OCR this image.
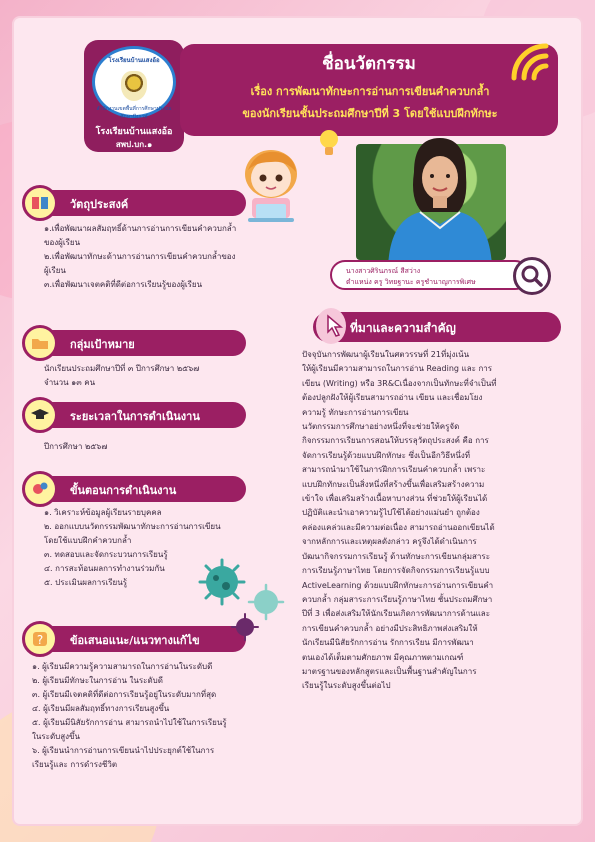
โรงเรียนบ้านแสงอ้อ
สำนักงานเขตพื้นที่การศึกษาประถมศึกษาบึงกาฬ
โรงเรียนบ้านแสงอ้อ
สพป.บก.๑
ชื่อนวัตกรรม
เรื่อง การพัฒนาทักษะการอ่านการเขียนคำควบกล้ำ
ของนักเรียนชั้นประถมศึกษาปีที่ 3 โดยใช้แบบฝึกทักษะ
นางสาวศิรินภรณ์ สีสว่าง
ตำแหน่ง ครู วิทยฐานะ ครูชำนาญการพิเศษ
วัตถุประสงค์
๑.เพื่อพัฒนาผลสัมฤทธิ์ด้านการอ่านการเขียนคำควบกล้ำ
ของผู้เรียน
๒.เพื่อพัฒนาทักษะด้านการอ่านการเขียนคำควบกล้ำของ
ผู้เรียน
๓.เพื่อพัฒนาเจตคติที่ดีต่อการเรียนรู้ของผู้เรียน
กลุ่มเป้าหมาย
นักเรียนประถมศึกษาปีที่ ๓ ปีการศึกษา ๒๕๖๗
จำนวน ๑๓ คน
ระยะเวลาในการดำเนินงาน
ปีการศึกษา ๒๕๖๗
ขั้นตอนการดำเนินงาน
๑. วิเคราะห์ข้อมูลผู้เรียนรายบุคคล
๒. ออกแบบนวัตกรรมพัฒนาทักษะการอ่านการเขียน
โดยใช้แบบฝึกคำควบกล้ำ
๓. ทดสอบและจัดกระบวนการเรียนรู้
๔. การสะท้อนผลการทำงานร่วมกัน
๕. ประเมินผลการเรียนรู้
? ข้อเสนอแนะ/แนวทางแก้ไข
๑. ผู้เรียนมีความรู้ความสามารถในการอ่านในระดับดี
๒. ผู้เรียนมีทักษะในการอ่าน ในระดับดี
๓. ผู้เรียนมีเจตคติที่ดีต่อการเรียนรู้อยู่ในระดับมากที่สุด
๔. ผู้เรียนมีผลสัมฤทธิ์ทางการเรียนสูงขึ้น
๕. ผู้เรียนมีนิสัยรักการอ่าน สามารถนำไปใช้ในการเรียนรู้
ในระดับสูงขึ้น
๖. ผู้เรียนนำการอ่านการเขียนนำไปประยุกต์ใช้ในการ
เรียนรู้และ การดำรงชีวิต
ที่มาและความสำคัญ
ปัจจุบันการพัฒนาผู้เรียนในศตวรรษที่ 21ที่มุ่งเน้น
ให้ผู้เรียนมีความสามารถในการอ่าน Reading และ การ
เขียน (Writing) หรือ 3R&Cเนื่องจากเป็นทักษะที่จำเป็นที่
ต้องปลูกฝังให้ผู้เรียนสามารถอ่าน เขียน และเชื่อมโยง
ความรู้ ทักษะการอ่านการเขียน
นวัตกรรมการศึกษาอย่างหนึ่งที่จะช่วยให้ครูจัด
กิจกรรมการเรียนการสอนให้บรรลุวัตถุประสงค์ คือ การ
จัดการเรียนรู้ด้วยแบบฝึกทักษะ ซึ่งเป็นอีกวิธีหนึ่งที่
สามารถนำมาใช้ในการฝึกการเรียนคำควบกล้ำ เพราะ
แบบฝึกทักษะเป็นสิ่งหนึ่งที่สร้างขึ้นเพื่อเสริมสร้างความ
เข้าใจ เพื่อเสริมสร้างเนื้อหาบางส่วน ที่ช่วยให้ผู้เรียนได้
ปฏิบัติและนำเอาความรู้ไปใช้ได้อย่างแม่นยำ ถูกต้อง
คล่องแคล่วและมีความต่อเนื่อง สามารถอ่านออกเขียนได้
จากหลักการและเหตุผลดังกล่าว ครูจึงได้ดำเนินการ
บัฒนากิจกรรมการเรียนรู้ ด้านทักษะการเขียนกลุ่มสาระ
การเรียนรู้ภาษาไทย โดยการจัดกิจกรรมการเรียนรู้แบบ
ActiveLearning ด้วยแบบฝึกทักษะการอ่านการเขียนคำ
ควบกล้ำ กลุ่มสาระการเรียนรู้ภาษาไทย ชั้นประถมศึกษา
ปีที่ 3 เพื่อส่งเสริมให้นักเรียนเกิดการพัฒนาการด้านและ
การเขียนคำควบกล้ำ อย่างมีประสิทธิภาพส่งเสริมให้
นักเรียนมีนิสัยรักการอ่าน รักการเรียน มีการพัฒนา
ตนเองได้เต็มตามศักยภาพ มีคุณภาพตามเกณฑ์
มาตรฐานของหลักสูตรและเป็นพื้นฐานสำคัญในการ
เรียนรู้ในระดับสูงขึ้นต่อไป
